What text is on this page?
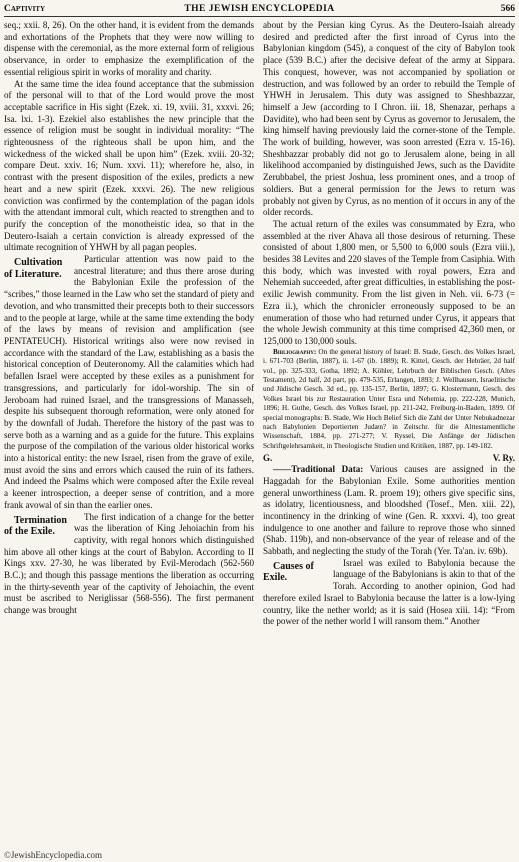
Captivity	THE JEWISH ENCYCLOPEDIA	566

seq.; xxii. 8, 26). On the other hand, it is evident from the demands and exhortations of the Prophets that they were now willing to dispense with the ceremonial, as the more external form of religious observance, in order to emphasize the exemplification of the essential religious spirit in works of morality and charity.

At the same time the idea found acceptance that the submission of the personal will to that of the Lord would prove the most acceptable sacrifice in His sight (Ezek. xi. 19, xviii. 31, xxxvi. 26; Isa. lxi. 1-3). Ezekiel also establishes the new principle that the essence of religion must be sought in individual morality: “The righteousness of the righteous shall be upon him, and the wickedness of the wicked shall be upon him” (Ezek. xviii. 20-32; compare Deut. xxiv. 16; Num. xxvi. 11); wherefore he, also, in contrast with the present disposition of the exiles, predicts a new heart and a new spirit (Ezek. xxxvi. 26). The new religious conviction was confirmed by the contemplation of the pagan idols with the attendant immoral cult, which reacted to strengthen and to purify the conception of the monotheistic idea, so that in the Deutero-Isaiah a certain conviction is already expressed of the ultimate recognition of YHWH by all pagan peoples.

Cultivation of Literature.
Particular attention was now paid to the ancestral literature; and thus there arose during the Babylonian Exile the profession of the “scribes,” those learned in the Law who set the standard of piety and devotion, and who transmitted their precepts both to their successors and to the people at large, while at the same time extending the body of the laws by means of revision and amplification (see PENTATEUCH). Historical writings also were now revised in accordance with the standard of the Law, establishing as a basis the historical conception of Deuteronomy. All the calamities which had befallen Israel were accepted by these exiles as a punishment for transgressions, and particularly for idol-worship. The sin of Jeroboam had ruined Israel, and the transgressions of Manasseh, despite his subsequent thorough reformation, were only atoned for by the downfall of Judah. Therefore the history of the past was to serve both as a warning and as a guide for the future. This explains the purpose of the compilation of the various older historical works into a historical entity: the new Israel, risen from the grave of exile, must avoid the sins and errors which caused the ruin of its fathers. And indeed the Psalms which were composed after the Exile reveal a keener introspection, a deeper sense of contrition, and a more frank avowal of sin than the earlier ones.

Termination of the Exile.
The first indication of a change for the better was the liberation of King Jehoiachin from his captivity, with regal honors which distinguished him above all other kings at the court of Babylon. According to II Kings xxv. 27-30, he was liberated by Evil-Merodach (562-560 B.C.); and though this passage mentions the liberation as occurring in the thirty-seventh year of the captivity of Jehoiachin, the event must be ascribed to Neriglissar (568-556). The first permanent change was brought

about by the Persian king Cyrus. As the Deutero-Isaiah already desired and predicted after the first inroad of Cyrus into the Babylonian kingdom (545), a conquest of the city of Babylon took place (539 B.C.) after the decisive defeat of the army at Sippara. This conquest, however, was not accompanied by spoliation or destruction, and was followed by an order to rebuild the Temple of YHWH in Jerusalem. This duty was assigned to Sheshbazzar, himself a Jew (according to I Chron. iii. 18, Shenazar, perhaps a Davidite), who had been sent by Cyrus as governor to Jerusalem, the king himself having previously laid the corner-stone of the Temple. The work of building, however, was soon arrested (Ezra v. 15-16). Sheshbazzar probably did not go to Jerusalem alone, being in all likelihood accompanied by distinguished Jews, such as the Davidite Zerubbabel, the priest Joshua, less prominent ones, and a troop of soldiers. But a general permission for the Jews to return was probably not given by Cyrus, as no mention of it occurs in any of the older records.

The actual return of the exiles was consummated by Ezra, who assembled at the river Ahava all those desirous of returning. These consisted of about 1,800 men, or 5,500 to 6,000 souls (Ezra viii.), besides 38 Levites and 220 slaves of the Temple from Casiphia. With this body, which was invested with royal powers, Ezra and Nehemiah succeeded, after great difficulties, in establishing the post-exilic Jewish community. From the list given in Neh. vii. 6-73 (= Ezra ii.), which the chronicler erroneously supposed to be an enumeration of those who had returned under Cyrus, it appears that the whole Jewish community at this time comprised 42,360 men, or 125,000 to 130,000 souls.

Bibliography: On the general history of Israel: B. Stade, Gesch. des Volkes Israel, i. 671-703 (Berlin, 1887), ii. 1-67 (ib. 1889); R. Kittel, Gesch. der Hebräer, 2d half vol., pp. 325-333, Gotha, 1892; A. Köhler, Lehrbuch der Biblischen Gesch. (Altes Testament), 2d half, 2d part, pp. 479-535, Erlangen, 1893; J. Wellhausen, Israelitische und Jüdische Gesch. 3d ed., pp. 135-157, Berlin, 1897; G. Klostermann, Gesch. des Volkes Israel bis zur Restauration Unter Esra und Nehemia, pp. 222-228, Munich, 1896; H. Guthe, Gesch. des Volkes Israel, pp. 211-242, Freiburg-in-Baden, 1899. Of special monographs: B. Stade, Wie Hoch Belief Sich die Zahl der Unter Nebukadnezar nach Babylonien Deportierten Judæn? in Zeitschr. für die Alttestamentliche Wissenschaft, 1884, pp. 271-277; V. Ryssel, Die Anfänge der Jüdischen Schriftgelehrsamkeit, in Theologische Studien und Kritiken, 1887, pp. 149-182.

G.	V. Ry.

——Traditional Data: Various causes are assigned in the Haggadah for the Babylonian Exile. Some authorities mention general unworthiness (Lam. R. proem 19); others give specific sins, as idolatry, licentiousness, and bloodshed (Tosef., Men. xiii. 22), incontinency in the drinking of wine (Gen. R. xxxvi. 4), too great indulgence to one another and failure to reprove those who sinned (Shab. 119b), and non-observance of the year of release and of the Sabbath, and neglecting the study of the Torah (Yer. Ta'an. iv. 69b).

Causes of Exile.
Israel was exiled to Babylonia because the language of the Babylonians is akin to that of the Torah. According to another opinion, God had therefore exiled Israel to Babylonia because the latter is a low-lying country, like the nether world; as it is said (Hosea xiii. 14): “From the power of the nether world I will ransom them.” Another

©JewishEncyclopedia.com
